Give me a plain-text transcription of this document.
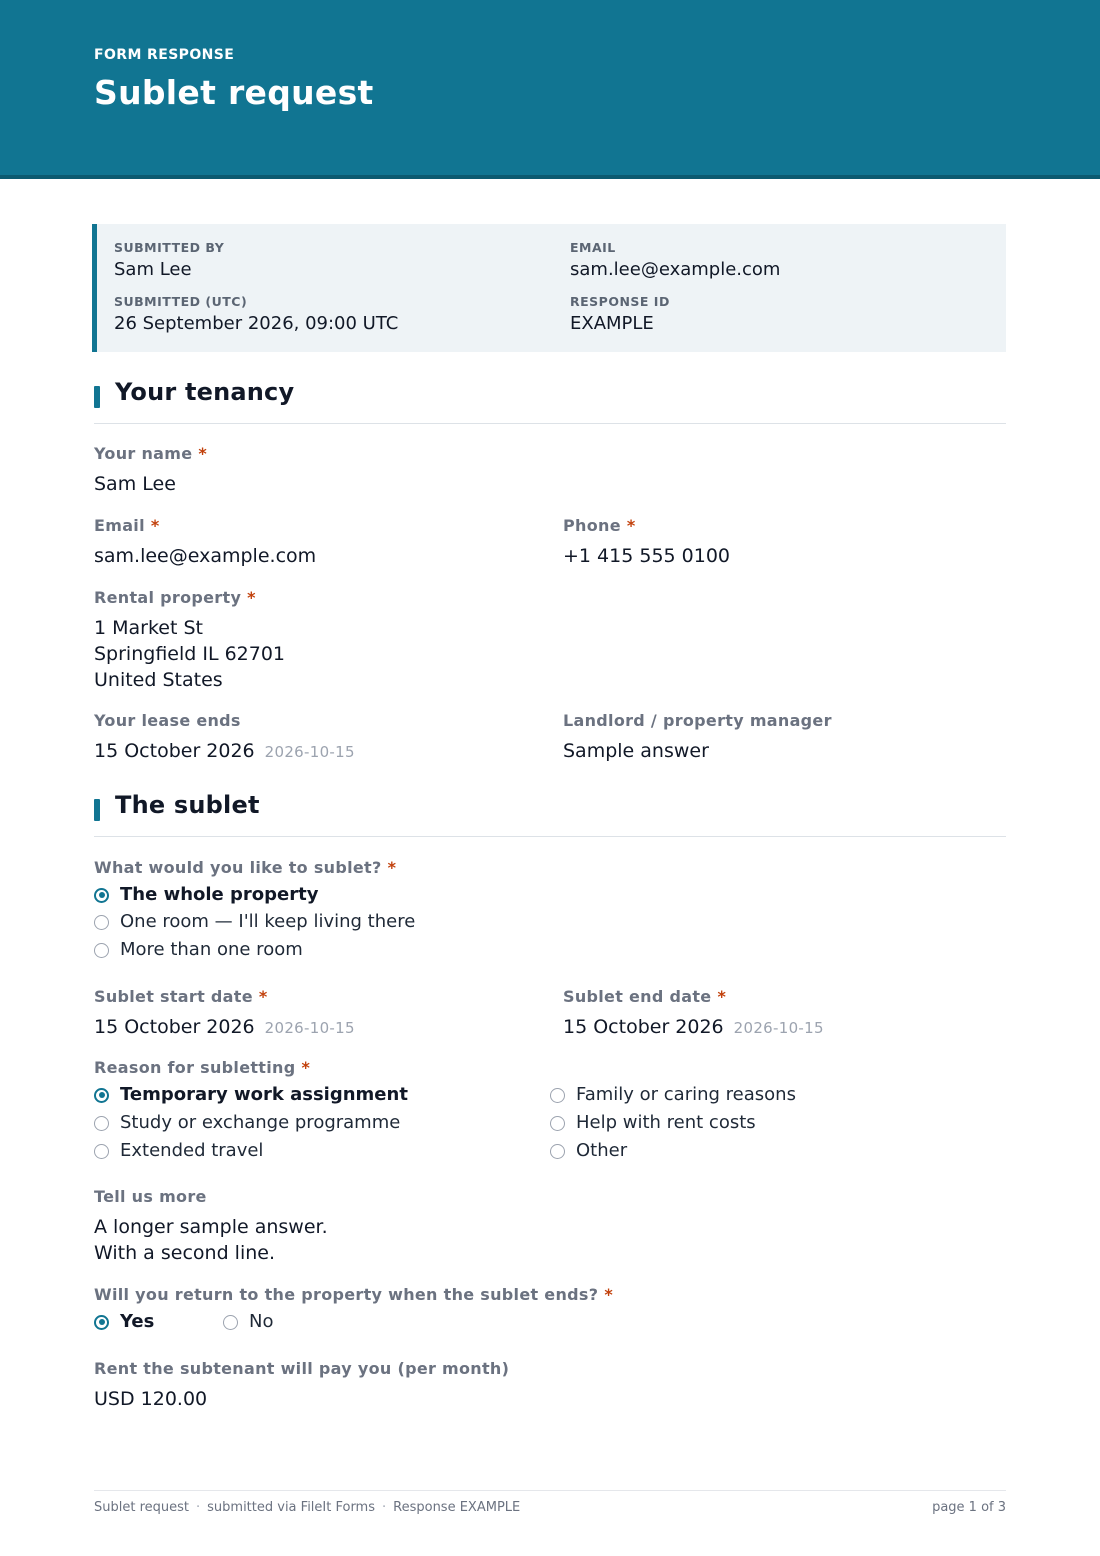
FORM RESPONSE
Sublet request
SUBMITTED BY
Sam Lee
EMAIL
sam.lee@example.com
SUBMITTED (UTC)
26 September 2026, 09:00 UTC
RESPONSE ID
EXAMPLE
Your tenancy
Your name *
Sam Lee
Email *
sam.lee@example.com
Phone *
+1 415 555 0100
Rental property *
1 Market St
Springfield IL 62701
United States
Your lease ends
15 October 2026 2026-10-15
Landlord / property manager
Sample answer
The sublet
What would you like to sublet? *
The whole property
One room — I'll keep living there
More than one room
Sublet start date *
15 October 2026 2026-10-15
Sublet end date *
15 October 2026 2026-10-15
Reason for subletting *
Temporary work assignment
Study or exchange programme
Extended travel
Family or caring reasons
Help with rent costs
Other
Tell us more
A longer sample answer.
With a second line.
Will you return to the property when the sublet ends? *
Yes	No
Rent the subtenant will pay you (per month)
USD 120.00
Sublet request · submitted via FileIt Forms · Response EXAMPLE	page 1 of 3
